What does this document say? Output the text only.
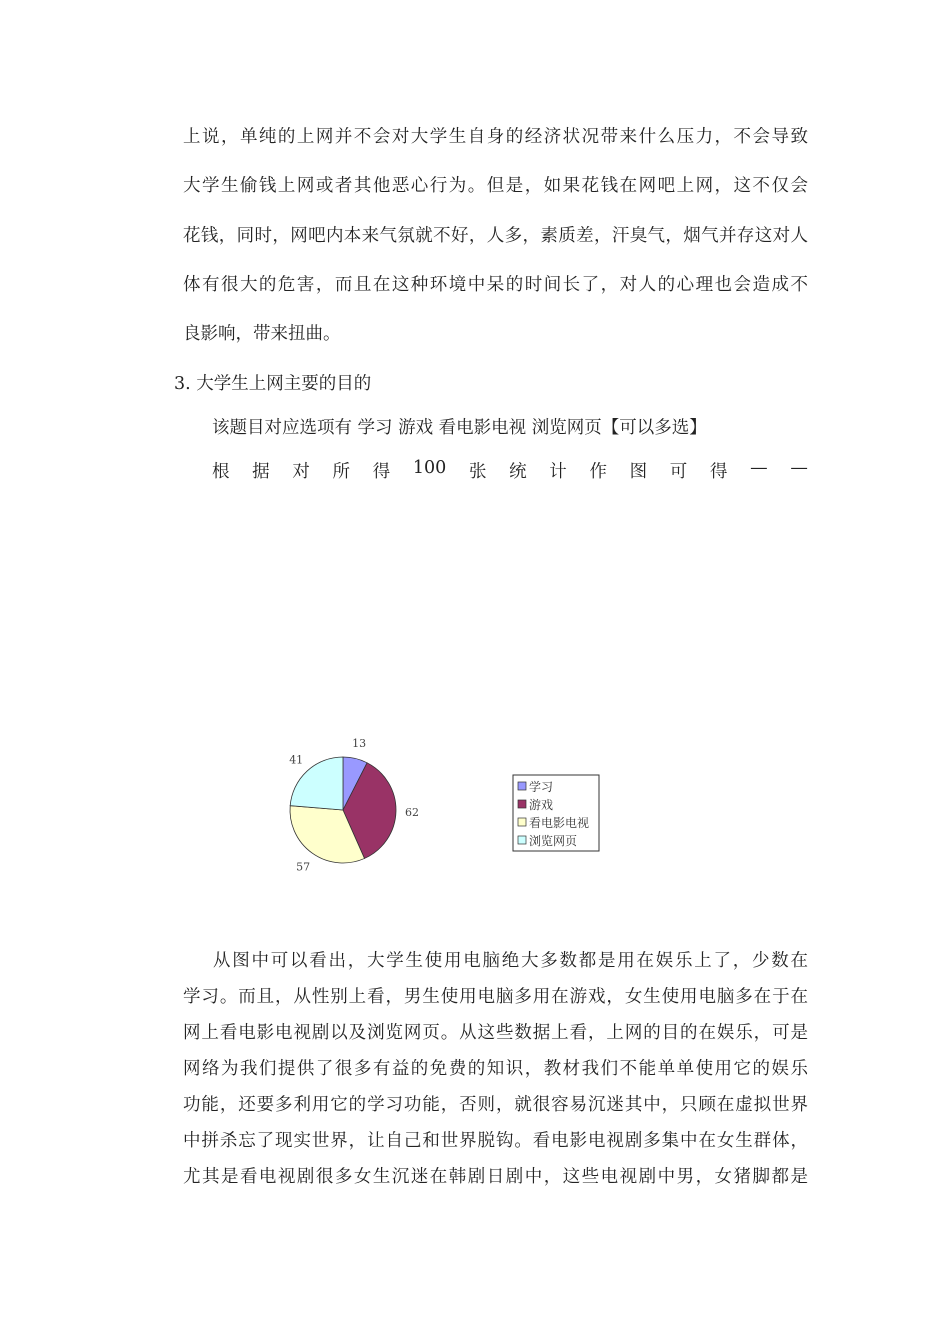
上说，单纯的上网并不会对大学生自身的经济状况带来什么压力，不会导致
大学生偷钱上网或者其他恶心行为。但是，如果花钱在网吧上网，这不仅会
花钱，同时，网吧内本来气氛就不好，人多，素质差，汗臭气，烟气并存这对人
体有很大的危害，而且在这种环境中呆的时间长了，对人的心理也会造成不
良影响，带来扭曲。
3. 大学生上网主要的目的
该题目对应选项有 学习 游戏 看电影电视 浏览网页【可以多选】
根 据 对 所 得 100 张 统 计 作 图 可 得 — —
13
62
57
41
学习
游戏
看电影电视
浏览网页
从图中可以看出，大学生使用电脑绝大多数都是用在娱乐上了，少数在
学习。而且，从性别上看，男生使用电脑多用在游戏，女生使用电脑多在于在
网上看电影电视剧以及浏览网页。从这些数据上看，上网的目的在娱乐，可是
网络为我们提供了很多有益的免费的知识，教材我们不能单单使用它的娱乐
功能，还要多利用它的学习功能，否则，就很容易沉迷其中，只顾在虚拟世界
中拼杀忘了现实世界，让自己和世界脱钩。看电影电视剧多集中在女生群体，
尤其是看电视剧很多女生沉迷在韩剧日剧中，这些电视剧中男，女猪脚都是
